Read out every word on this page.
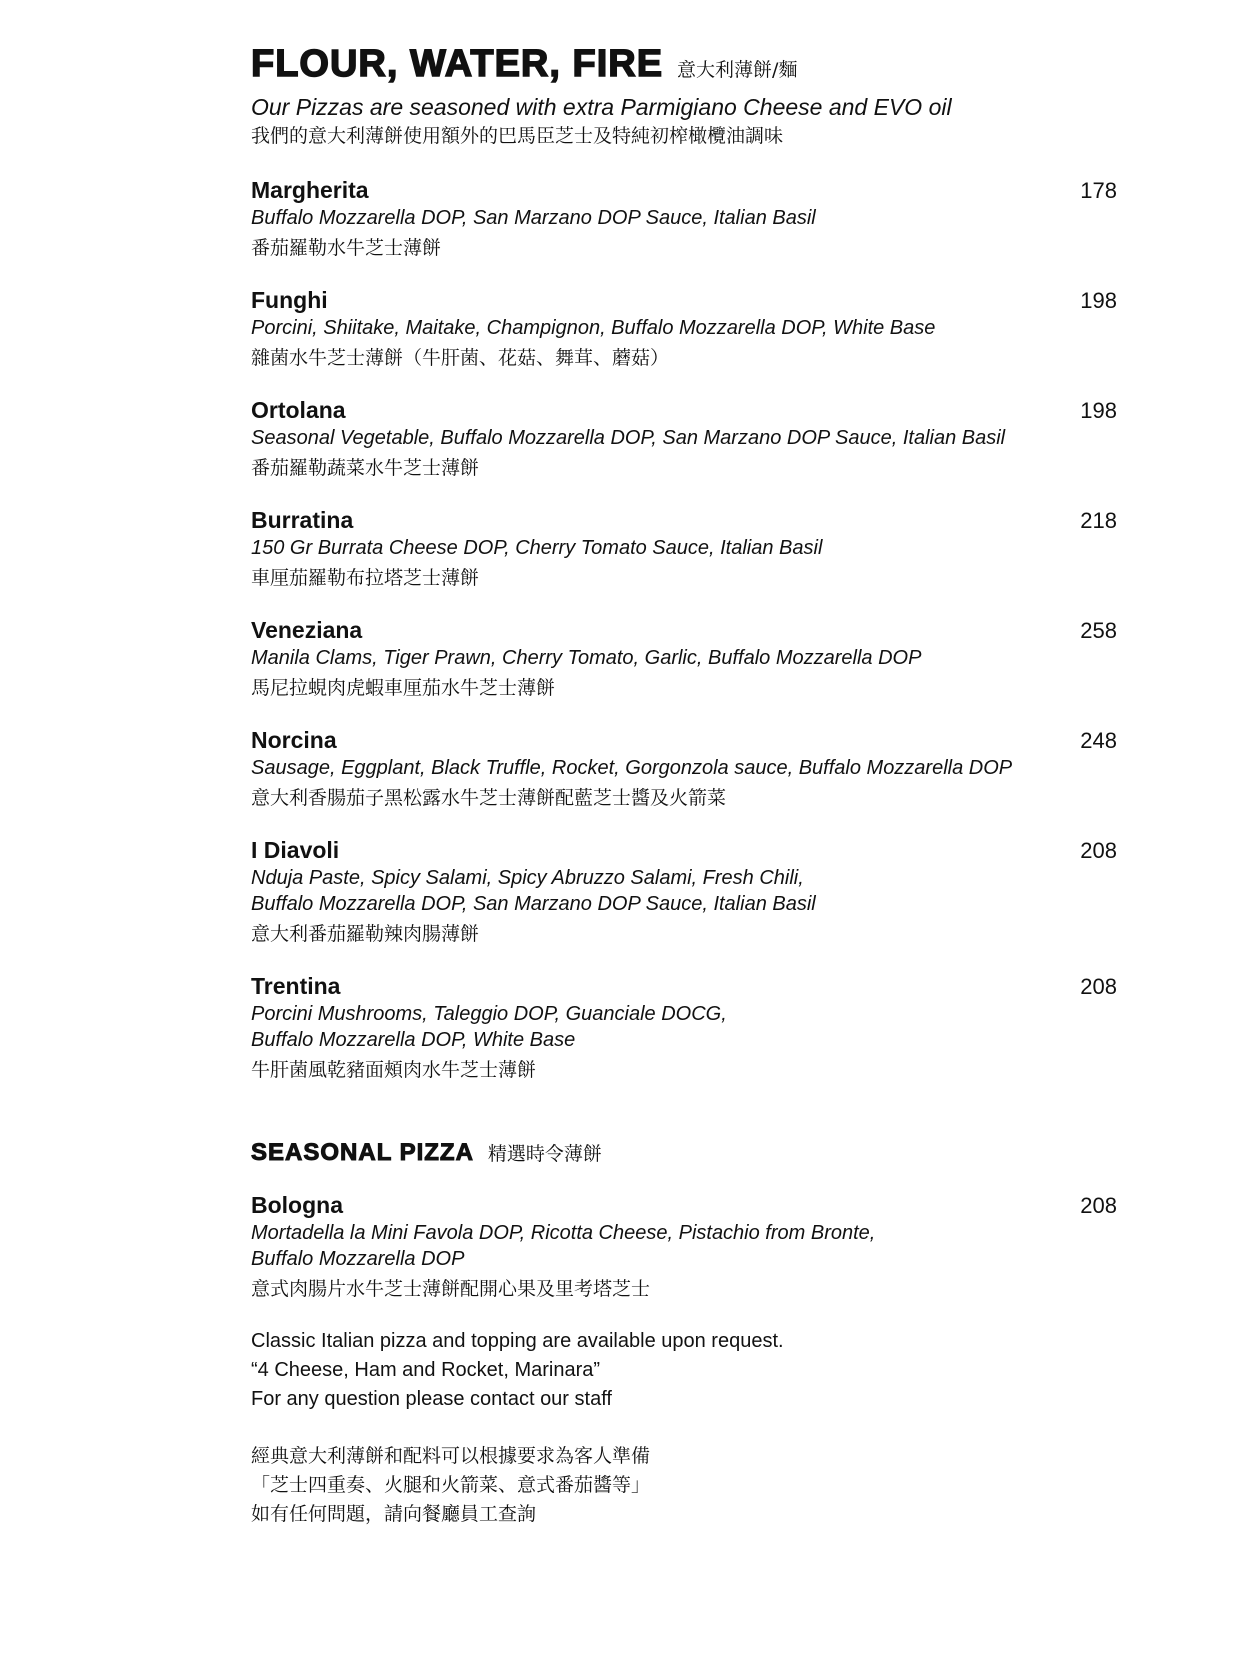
FLOUR, WATER, FIRE 意大利薄餅/麵
Our Pizzas are seasoned with extra Parmigiano Cheese and EVO oil
我們的意大利薄餅使用額外的巴馬臣芝士及特純初榨橄欖油調味
Margherita	178
Buffalo Mozzarella DOP, San Marzano DOP Sauce, Italian Basil
番茄羅勒水牛芝士薄餅
Funghi	198
Porcini, Shiitake, Maitake, Champignon, Buffalo Mozzarella DOP, White Base
雜菌水牛芝士薄餅（牛肝菌、花菇、舞茸、蘑菇）
Ortolana	198
Seasonal Vegetable, Buffalo Mozzarella DOP, San Marzano DOP Sauce, Italian Basil
番茄羅勒蔬菜水牛芝士薄餅
Burratina	218
150 Gr Burrata Cheese DOP, Cherry Tomato Sauce, Italian Basil
車厘茄羅勒布拉塔芝士薄餅
Veneziana	258
Manila Clams, Tiger Prawn, Cherry Tomato, Garlic, Buffalo Mozzarella DOP
馬尼拉蜆肉虎蝦車厘茄水牛芝士薄餅
Norcina	248
Sausage, Eggplant, Black Truffle, Rocket, Gorgonzola sauce, Buffalo Mozzarella DOP
意大利香腸茄子黑松露水牛芝士薄餅配藍芝士醬及火箭菜
I Diavoli	208
Nduja Paste, Spicy Salami, Spicy Abruzzo Salami, Fresh Chili,
Buffalo Mozzarella DOP, San Marzano DOP Sauce, Italian Basil
意大利番茄羅勒辣肉腸薄餅
Trentina	208
Porcini Mushrooms, Taleggio DOP, Guanciale DOCG,
Buffalo Mozzarella DOP, White Base
牛肝菌風乾豬面頰肉水牛芝士薄餅
SEASONAL PIZZA 精選時令薄餅
Bologna	208
Mortadella la Mini Favola DOP, Ricotta Cheese, Pistachio from Bronte,
Buffalo Mozzarella DOP
意式肉腸片水牛芝士薄餅配開心果及里考塔芝士
Classic Italian pizza and topping are available upon request.
“4 Cheese, Ham and Rocket, Marinara”
For any question please contact our staff
經典意大利薄餅和配料可以根據要求為客人準備
「芝士四重奏、火腿和火箭菜、意式番茄醬等」
如有任何問題，請向餐廳員工查詢
